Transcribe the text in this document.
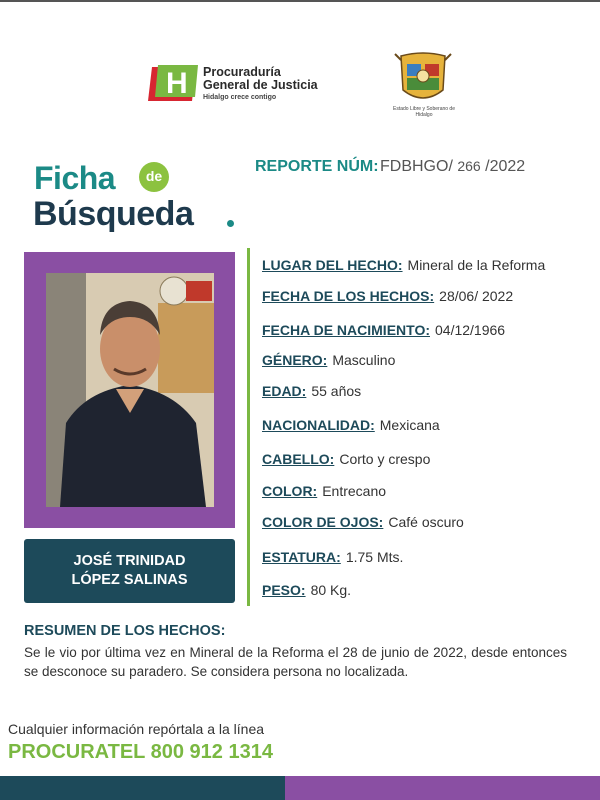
H Procuraduría
General de Justicia
Hidalgo crece contigo
Estado Libre y Soberano de Hidalgo
Ficha	de
Búsqueda
REPORTE NÚM: FDBHGO/ 266 /2022
JOSÉ TRINIDAD
LÓPEZ SALINAS
LUGAR DEL HECHO: Mineral de la Reforma
FECHA DE LOS HECHOS: 28/06/ 2022
FECHA DE NACIMIENTO: 04/12/1966
GÉNERO: Masculino
EDAD: 55 años
NACIONALIDAD: Mexicana
CABELLO: Corto y crespo
COLOR: Entrecano
COLOR DE OJOS: Café oscuro
ESTATURA: 1.75 Mts.
PESO: 80 Kg.
RESUMEN DE LOS HECHOS:
Se le vio por última vez en Mineral de la Reforma el 28 de junio de 2022, desde entonces se desconoce su paradero. Se considera persona no localizada.
Cualquier información repórtala a la línea
PROCURATEL 800 912 1314
